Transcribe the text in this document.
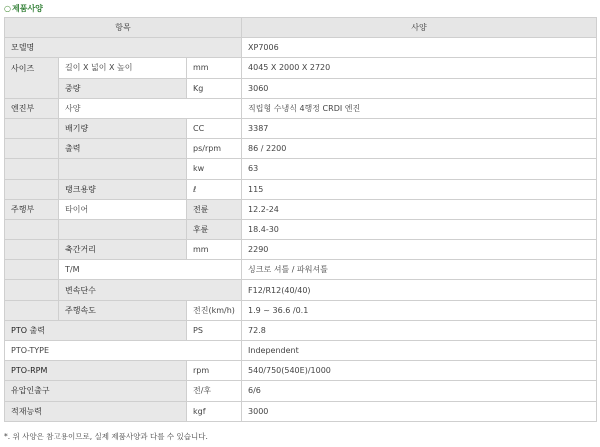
○제품사양
항목			사양
모델명			XP7006
사이즈	길이 X 넓이 X 높이	mm	4045 X 2000 X 2720
	중량	Kg	3060
엔진부	사양		직립형 수냉식 4행정 CRDI 엔진
	배기량	CC	3387
	출력	ps/rpm	86 / 2200
		kw	63
	탱크용량	ℓ	115
주행부	타이어	전륜	12.2-24
		후륜	18.4-30
	축간거리	mm	2290
	T/M		싱크로 셔틀 / 파워셔틀
	변속단수		F12/R12(40/40)
	주행속도	전진(km/h)	1.9 ~ 36.6 /0.1
PTO 출력		PS	72.8
PTO-TYPE			Independent
PTO-RPM		rpm	540/750(540E)/1000
유압인출구		전/후	6/6
적재능력		kgf	3000
*. 위 사양은 참고용이므로, 실제 제품사양과 다를 수 있습니다.
